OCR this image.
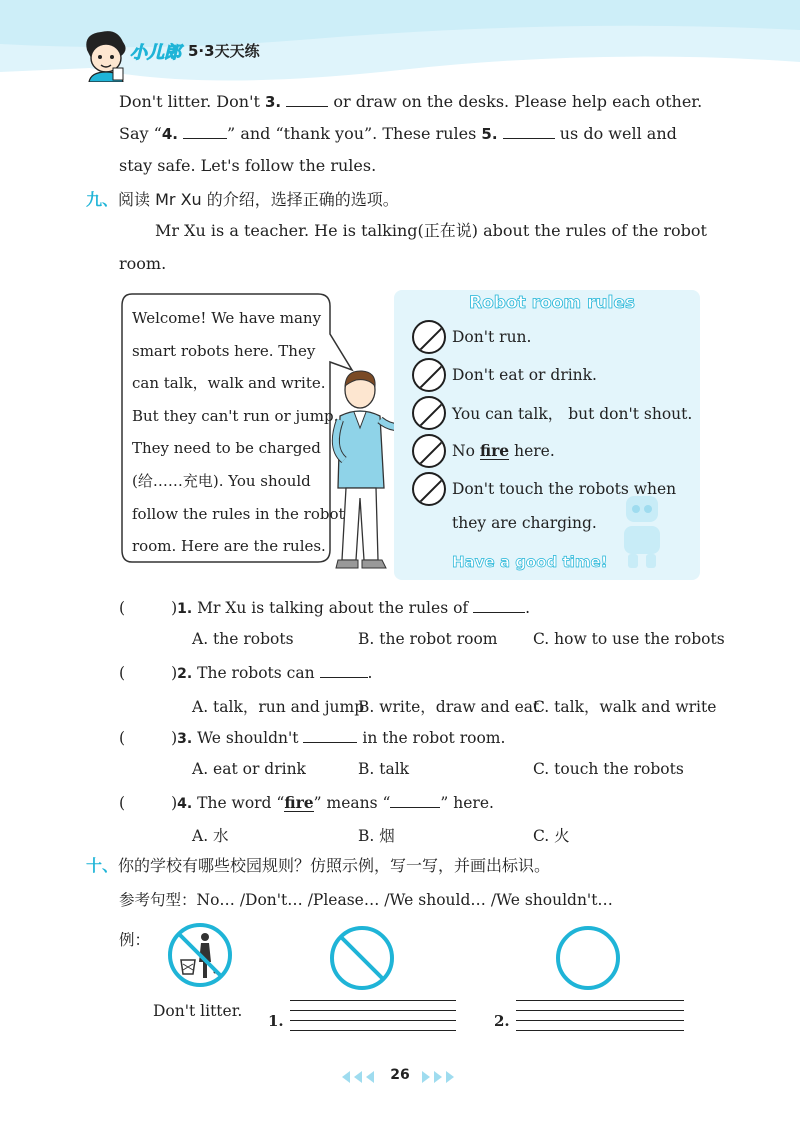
小儿郎 5·3天天练
Don't litter. Don't 3.	or draw on the desks. Please help each other.
Say “4.	” and “thank you”. These rules 5.	us do well and
stay safe. Let's follow the rules.
九、阅读 Mr Xu 的介绍，选择正确的选项。
Mr Xu is a teacher. He is talking(正在说) about the rules of the robot
room.
Welcome! We have many
smart robots here. They
can talk，walk and write.
But they can't run or jump.
They need to be charged
(给……充电). You should
follow the rules in the robot
room. Here are the rules.
Robot room rules
Don't run.
Don't eat or drink.
You can talk， but don't shout.
No fire here.
Don't touch the robots when
they are charging.
Have a good time!
(	)1. Mr Xu is talking about the rules of	.
A. the robots	B. the robot room C. how to use the robots
(	)2. The robots can	.
A. talk，run and jump
B. write，draw and eat
C. talk，walk and write
(	)3. We shouldn't	in the robot room.
A. eat or drink	B. talk	C. touch the robots
(	)4. The word “fire” means “	” here.
A. 水	B. 烟	C. 火
十、你的学校有哪些校园规则？仿照示例，写一写，并画出标识。
参考句型：No… /Don't… /Please… /We should… /We shouldn't…
例：
Don't litter.
1.	2.
26
